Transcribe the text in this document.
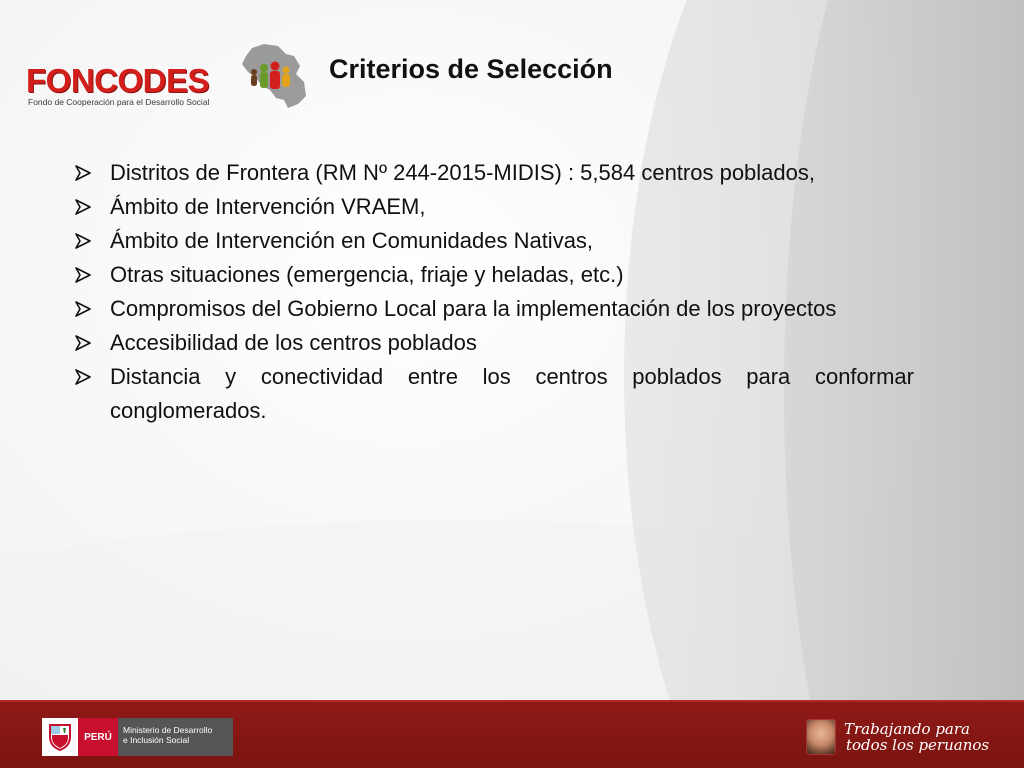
FONCODES
Fondo de Cooperación para el Desarrollo Social
Criterios de Selección
Distritos de Frontera (RM Nº 244-2015-MIDIS) : 5,584 centros poblados,
Ámbito de Intervención VRAEM,
Ámbito de Intervención en Comunidades Nativas,
Otras situaciones (emergencia, friaje y heladas, etc.)
Compromisos del Gobierno Local para la implementación de los proyectos
Accesibilidad de los centros poblados
Distancia y conectividad entre los centros poblados para conformar conglomerados.
PERÚ
Ministerio de Desarrollo
e Inclusión Social
Trabajando para
todos los peruanos
